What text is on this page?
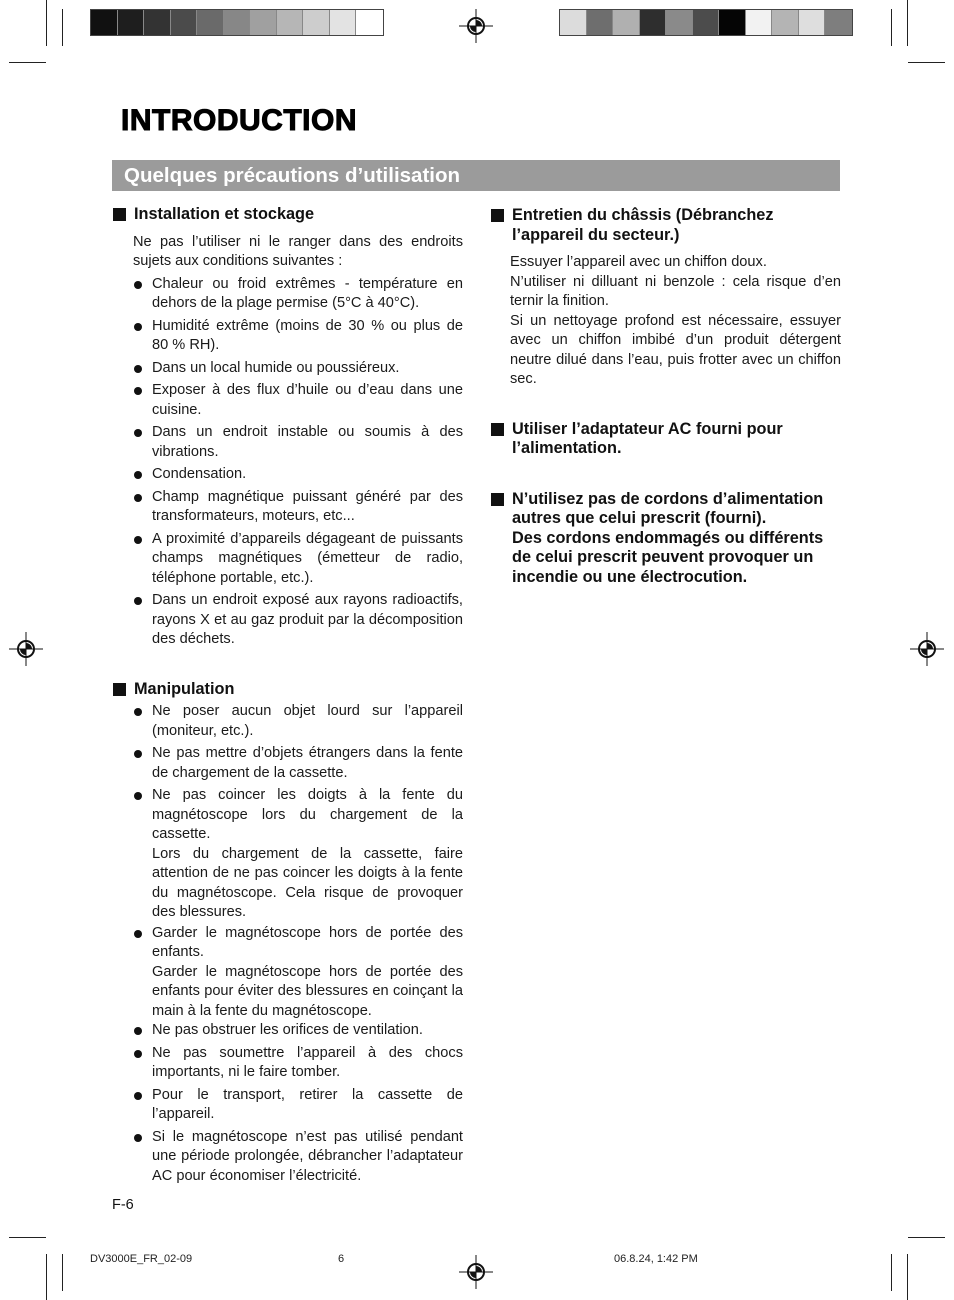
INTRODUCTION
Quelques précautions d’utilisation
Installation et stockage

Ne pas l’utiliser ni le ranger dans des endroits sujets aux conditions suivantes :

Chaleur ou froid extrêmes - température en dehors de la plage permise (5°C à 40°C).
Humidité extrême (moins de 30 % ou plus de 80 % RH).
Dans un local humide ou poussiéreux.
Exposer à des flux d’huile ou d’eau dans une cuisine.
Dans un endroit instable ou soumis à des vibrations.
Condensation.
Champ magnétique puissant généré par des transformateurs, moteurs, etc...
A proximité d’appareils dégageant de puissants champs magnétiques (émetteur de radio, téléphone portable, etc.).
Dans un endroit exposé aux rayons radioactifs, rayons X et au gaz produit par la décomposition des déchets.
Manipulation
Ne poser aucun objet lourd sur l’appareil (moniteur, etc.).
Ne pas mettre d’objets étrangers dans la fente de chargement de la cassette.
Ne pas coincer les doigts à la fente du magnétoscope lors du chargement de la cassette.
Lors du chargement de la cassette, faire attention de ne pas coincer les doigts à la fente du magnétoscope. Cela risque de provoquer des blessures.
Garder le magnétoscope hors de portée des enfants.
Garder le magnétoscope hors de portée des enfants pour éviter des blessures en coinçant la main à la fente du magnétoscope.
Ne pas obstruer les orifices de ventilation.
Ne pas soumettre l’appareil à des chocs importants, ni le faire tomber.
Pour le transport, retirer la cassette de l’appareil.
Si le magnétoscope n’est pas utilisé pendant une période prolongée, débrancher l’adaptateur AC pour économiser l’électricité.
Entretien du châssis (Débranchez l’appareil du secteur.)

Essuyer l’appareil avec un chiffon doux.

N’utiliser ni dilluant ni benzole : cela risque d’en ternir la finition.

Si un nettoyage profond est nécessaire, essuyer avec un chiffon imbibé d’un produit détergent neutre dilué dans l’eau, puis frotter avec un chiffon sec.

Utiliser l’adaptateur AC fourni pour l’alimentation.
N’utilisez pas de cordons d’alimentation autres que celui prescrit (fourni).
Des cordons endommagés ou différents de celui prescrit peuvent provoquer un incendie ou une électrocution.
F-6
DV3000E_FR_02-09	6	06.8.24, 1:42 PM
